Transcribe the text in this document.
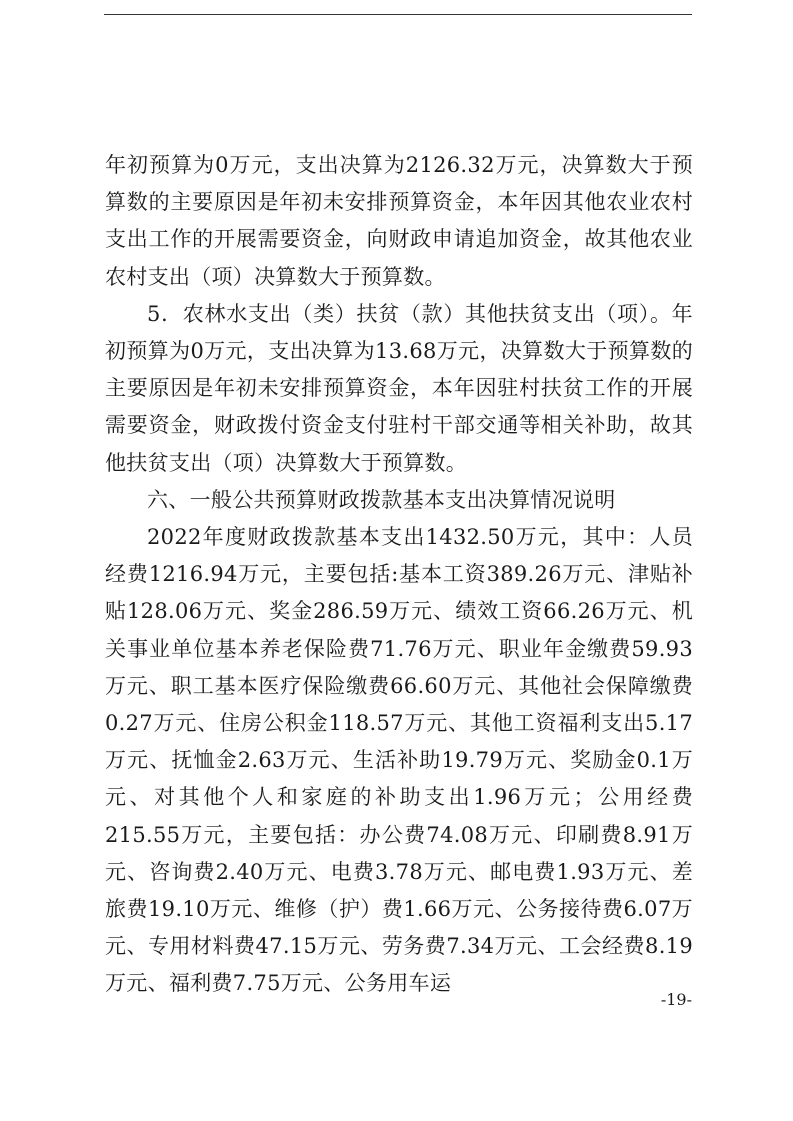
年初预算为0万元，支出决算为2126.32万元，决算数大于预算数的主要原因是年初未安排预算资金，本年因其他农业农村支出工作的开展需要资金，向财政申请追加资金，故其他农业农村支出（项）决算数大于预算数。

5．农林水支出（类）扶贫（款）其他扶贫支出（项）。年初预算为0万元，支出决算为13.68万元，决算数大于预算数的主要原因是年初未安排预算资金，本年因驻村扶贫工作的开展需要资金，财政拨付资金支付驻村干部交通等相关补助，故其他扶贫支出（项）决算数大于预算数。

六、一般公共预算财政拨款基本支出决算情况说明

2022年度财政拨款基本支出1432.50万元，其中：人员经费1216.94万元，主要包括:基本工资389.26万元、津贴补贴128.06万元、奖金286.59万元、绩效工资66.26万元、机关事业单位基本养老保险费71.76万元、职业年金缴费59.93万元、职工基本医疗保险缴费66.60万元、其他社会保障缴费0.27万元、住房公积金118.57万元、其他工资福利支出5.17万元、抚恤金2.63万元、生活补助19.79万元、奖励金0.1万元、对其他个人和家庭的补助支出1.96万元；公用经费215.55万元，主要包括：办公费74.08万元、印刷费8.91万元、咨询费2.40万元、电费3.78万元、邮电费1.93万元、差旅费19.10万元、维修（护）费1.66万元、公务接待费6.07万元、专用材料费47.15万元、劳务费7.34万元、工会经费8.19万元、福利费7.75万元、公务用车运

-19-
